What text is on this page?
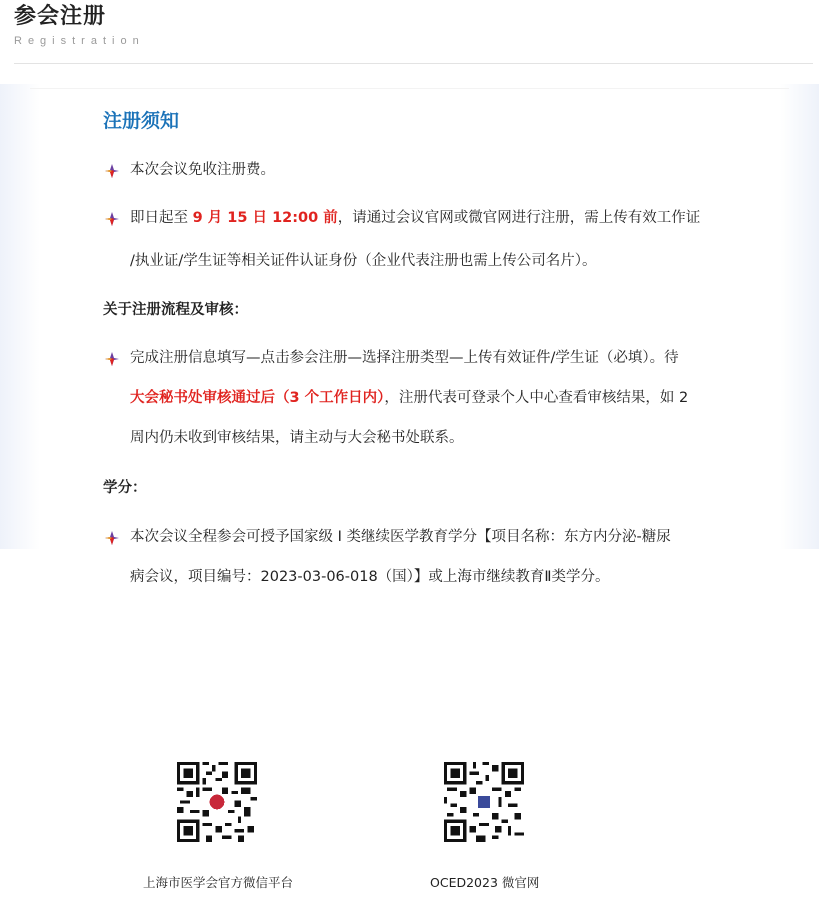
参会注册
Registration
注册须知
本次会议免收注册费。
即日起至 9 月 15 日 12:00 前，请通过会议官网或微官网进行注册，需上传有效工作证
/执业证/学生证等相关证件认证身份（企业代表注册也需上传公司名片）。
关于注册流程及审核：
完成注册信息填写—点击参会注册—选择注册类型—上传有效证件/学生证（必填）。待
大会秘书处审核通过后（3 个工作日内），注册代表可登录个人中心查看审核结果，如 2
周内仍未收到审核结果，请主动与大会秘书处联系。
学分：
本次会议全程参会可授予国家级 I 类继续医学教育学分【项目名称：东方内分泌-糖尿
病会议，项目编号：2023-03-06-018（国）】或上海市继续教育Ⅱ类学分。
上海市医学会官方微信平台	OCED2023 微官网
